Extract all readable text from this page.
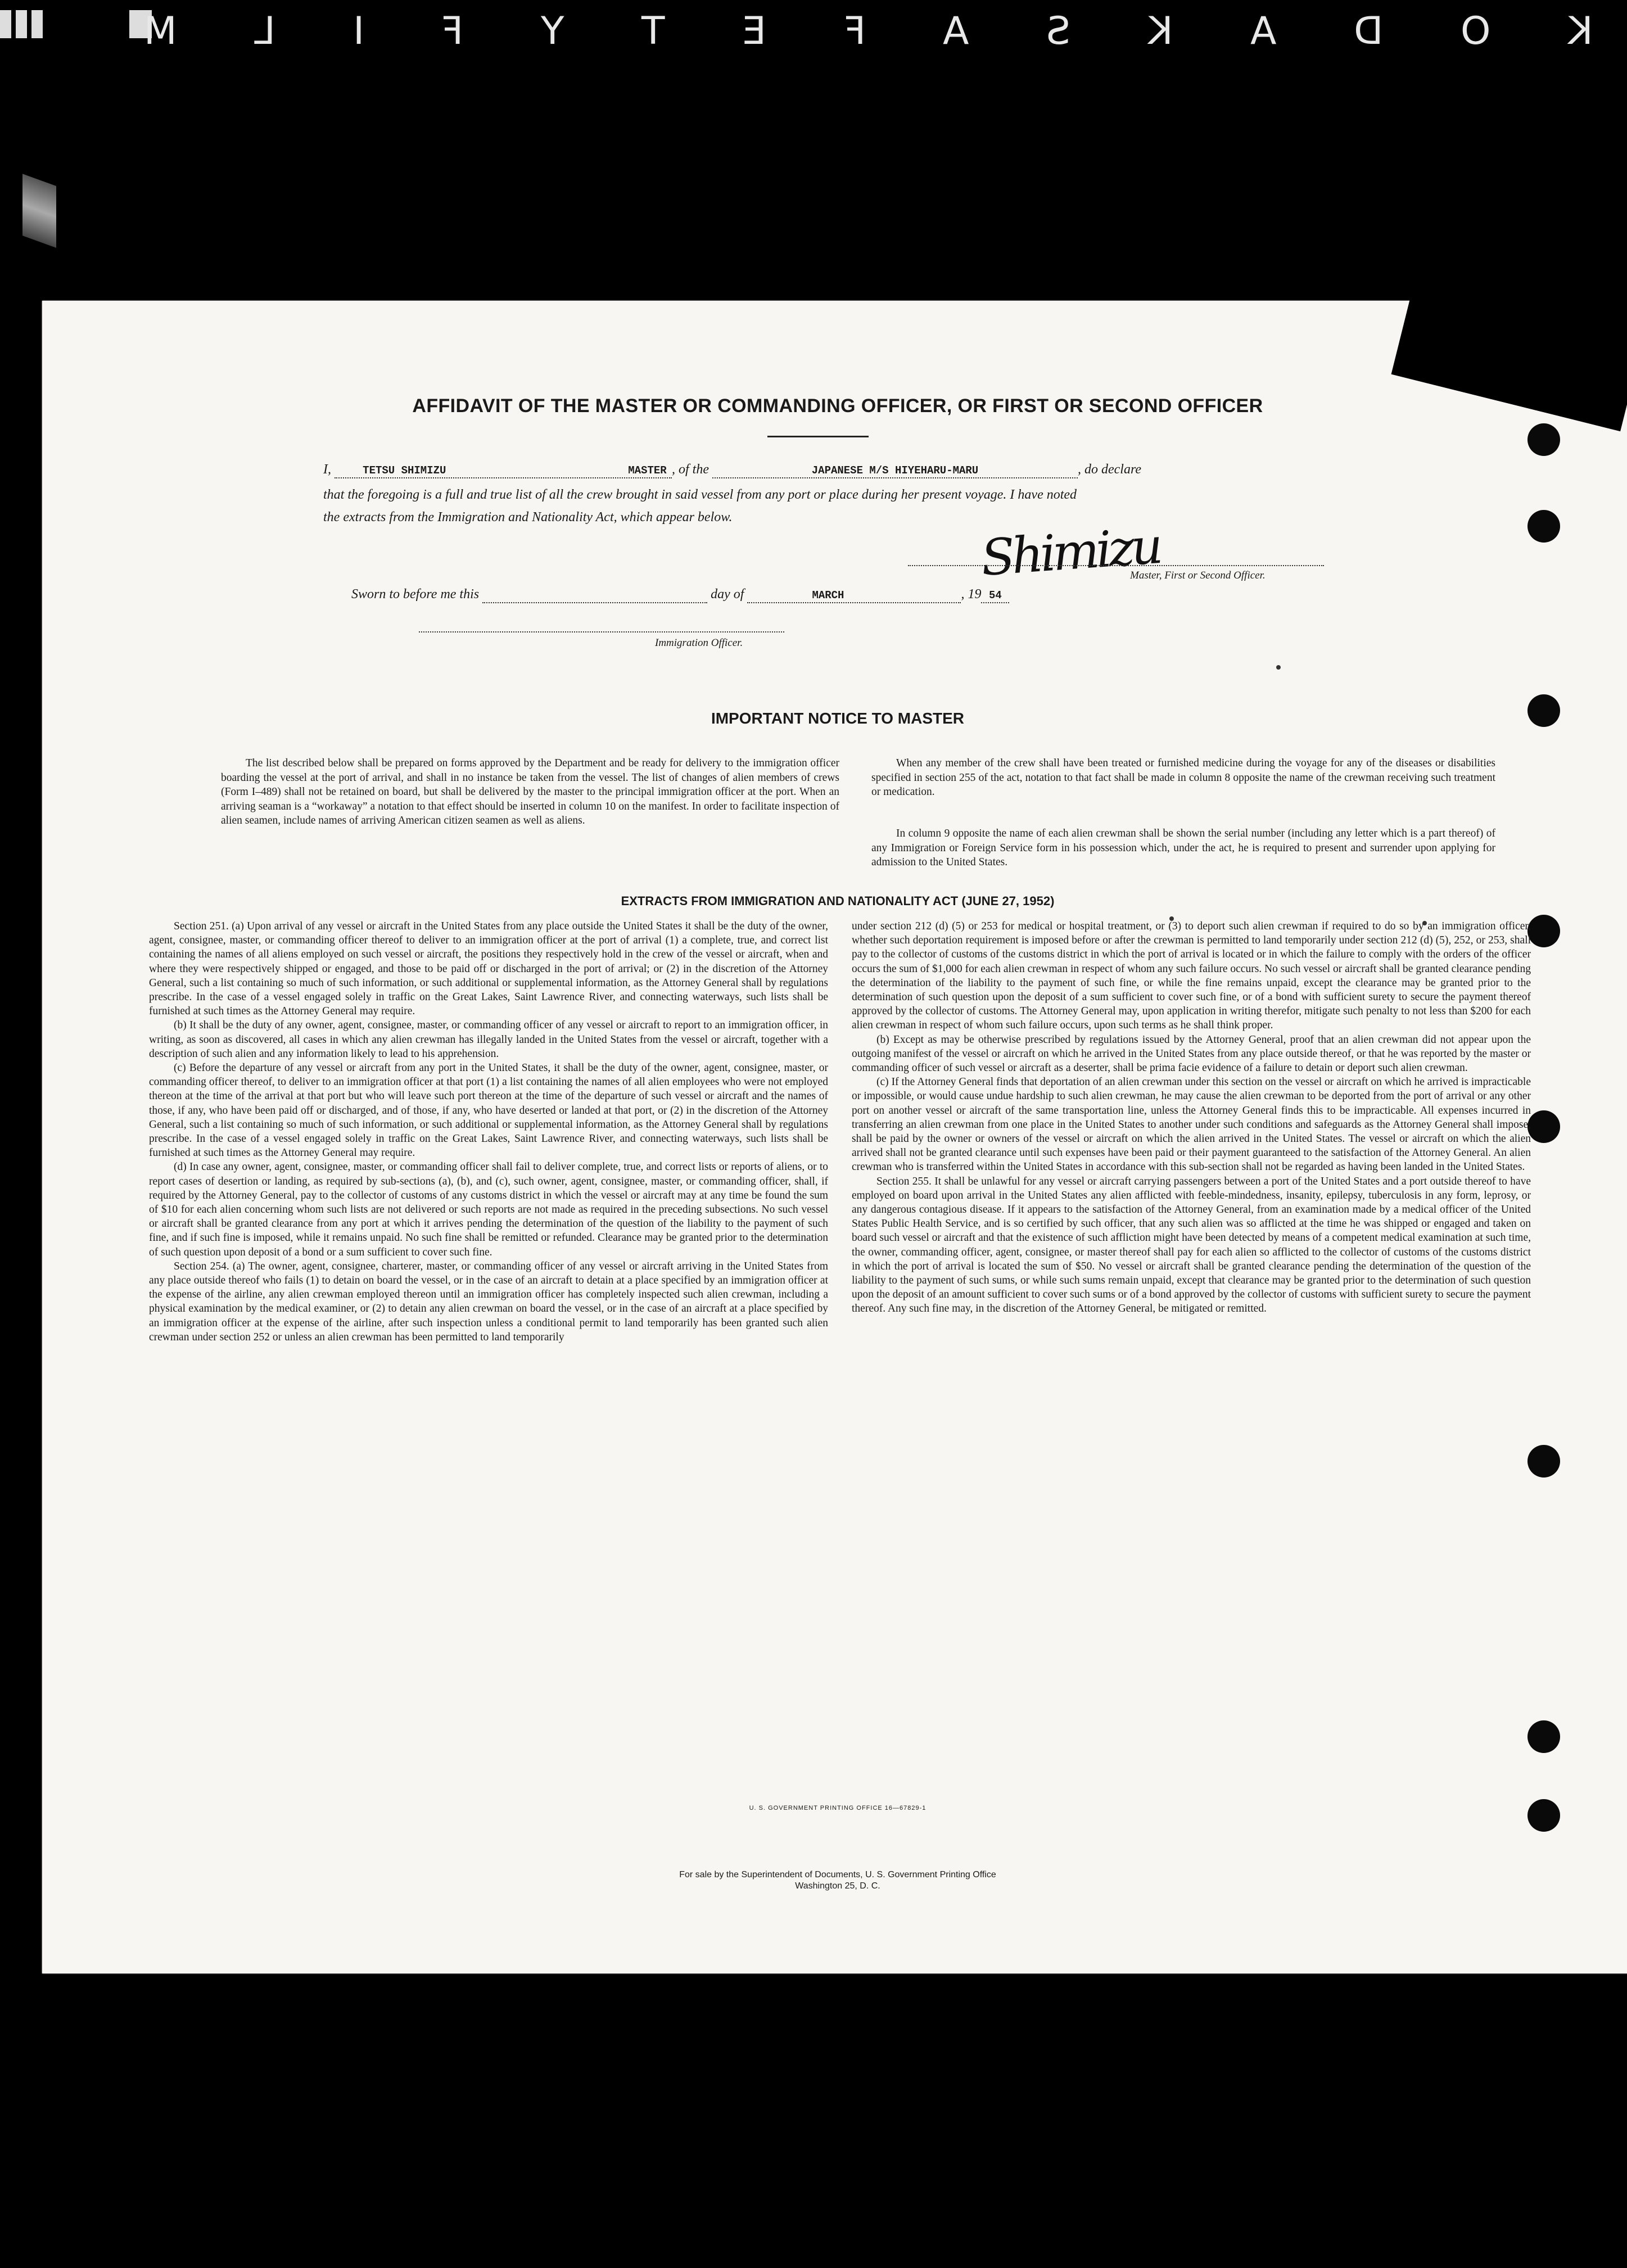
M L I F Y T E F A S K A D O K
AFFIDAVIT OF THE MASTER OR COMMANDING OFFICER, OR FIRST OR SECOND OFFICER
I,	TETSU SHIMIZU	MASTER , of the	JAPANESE M/S HIYEHARU-MARU	, do declare
that the foregoing is a full and true list of all the crew brought in said vessel from any port or place during her present voyage. I have noted
the extracts from the Immigration and Nationality Act, which appear below.	Shimizu
Master, First or Second Officer.
Sworn to before me this	day of	MARCH	, 19 54
Immigration Officer.
IMPORTANT NOTICE TO MASTER

The list described below shall be prepared on forms approved by the Department and be ready for delivery to the immigration officer boarding the vessel at the port of arrival, and shall in no instance be taken from the vessel. The list of changes of alien members of crews (Form I–489) shall not be retained on board, but shall be delivered by the master to the principal immigration officer at the port. When an arriving seaman is a “workaway” a notation to that effect should be inserted in column 10 on the manifest. In order to facilitate inspection of alien seamen, include names of arriving American citizen seamen as well as aliens.

When any member of the crew shall have been treated or furnished medicine during the voyage for any of the diseases or disabilities specified in section 255 of the act, notation to that fact shall be made in column 8 opposite the name of the crewman receiving such treatment or medication.

In column 9 opposite the name of each alien crewman shall be shown the serial number (including any letter which is a part thereof) of any Immigration or Foreign Service form in his possession which, under the act, he is required to present and surrender upon applying for admission to the United States.

EXTRACTS FROM IMMIGRATION AND NATIONALITY ACT (JUNE 27, 1952)

Section 251. (a) Upon arrival of any vessel or aircraft in the United States from any place outside the United States it shall be the duty of the owner, agent, consignee, master, or commanding officer thereof to deliver to an immigration officer at the port of arrival (1) a complete, true, and correct list containing the names of all aliens employed on such vessel or aircraft, the positions they respectively hold in the crew of the vessel or aircraft, when and where they were respectively shipped or engaged, and those to be paid off or discharged in the port of arrival; or (2) in the discretion of the Attorney General, such a list containing so much of such information, or such additional or supplemental information, as the Attorney General shall by regulations prescribe. In the case of a vessel engaged solely in traffic on the Great Lakes, Saint Lawrence River, and connecting waterways, such lists shall be furnished at such times as the Attorney General may require.

(b) It shall be the duty of any owner, agent, consignee, master, or commanding officer of any vessel or aircraft to report to an immigration officer, in writing, as soon as discovered, all cases in which any alien crewman has illegally landed in the United States from the vessel or aircraft, together with a description of such alien and any information likely to lead to his apprehension.

(c) Before the departure of any vessel or aircraft from any port in the United States, it shall be the duty of the owner, agent, consignee, master, or commanding officer thereof, to deliver to an immigration officer at that port (1) a list containing the names of all alien employees who were not employed thereon at the time of the arrival at that port but who will leave such port thereon at the time of the departure of such vessel or aircraft and the names of those, if any, who have been paid off or discharged, and of those, if any, who have deserted or landed at that port, or (2) in the discretion of the Attorney General, such a list containing so much of such information, or such additional or supplemental information, as the Attorney General shall by regulations prescribe. In the case of a vessel engaged solely in traffic on the Great Lakes, Saint Lawrence River, and connecting waterways, such lists shall be furnished at such times as the Attorney General may require.

(d) In case any owner, agent, consignee, master, or commanding officer shall fail to deliver complete, true, and correct lists or reports of aliens, or to report cases of desertion or landing, as required by sub-sections (a), (b), and (c), such owner, agent, consignee, master, or commanding officer, shall, if required by the Attorney General, pay to the collector of customs of any customs district in which the vessel or aircraft may at any time be found the sum of $10 for each alien concerning whom such lists are not delivered or such reports are not made as required in the preceding subsections. No such vessel or aircraft shall be granted clearance from any port at which it arrives pending the determination of the question of the liability to the payment of such fine, and if such fine is imposed, while it remains unpaid. No such fine shall be remitted or refunded. Clearance may be granted prior to the determination of such question upon deposit of a bond or a sum sufficient to cover such fine.

Section 254. (a) The owner, agent, consignee, charterer, master, or commanding officer of any vessel or aircraft arriving in the United States from any place outside thereof who fails (1) to detain on board the vessel, or in the case of an aircraft to detain at a place specified by an immigration officer at the expense of the airline, any alien crewman employed thereon until an immigration officer has completely inspected such alien crewman, including a physical examination by the medical examiner, or (2) to detain any alien crewman on board the vessel, or in the case of an aircraft at a place specified by an immigration officer at the expense of the airline, after such inspection unless a conditional permit to land temporarily has been granted such alien crewman under section 252 or unless an alien crewman has been permitted to land temporarily

under section 212 (d) (5) or 253 for medical or hospital treatment, or (3) to deport such alien crewman if required to do so by an immigration officer, whether such deportation requirement is imposed before or after the crewman is permitted to land temporarily under section 212 (d) (5), 252, or 253, shall pay to the collector of customs of the customs district in which the port of arrival is located or in which the failure to comply with the orders of the officer occurs the sum of $1,000 for each alien crewman in respect of whom any such failure occurs. No such vessel or aircraft shall be granted clearance pending the determination of the liability to the payment of such fine, or while the fine remains unpaid, except the clearance may be granted prior to the determination of such question upon the deposit of a sum sufficient to cover such fine, or of a bond with sufficient surety to secure the payment thereof approved by the collector of customs. The Attorney General may, upon application in writing therefor, mitigate such penalty to not less than $200 for each alien crewman in respect of whom such failure occurs, upon such terms as he shall think proper.

(b) Except as may be otherwise prescribed by regulations issued by the Attorney General, proof that an alien crewman did not appear upon the outgoing manifest of the vessel or aircraft on which he arrived in the United States from any place outside thereof, or that he was reported by the master or commanding officer of such vessel or aircraft as a deserter, shall be prima facie evidence of a failure to detain or deport such alien crewman.

(c) If the Attorney General finds that deportation of an alien crewman under this section on the vessel or aircraft on which he arrived is impracticable or impossible, or would cause undue hardship to such alien crewman, he may cause the alien crewman to be deported from the port of arrival or any other port on another vessel or aircraft of the same transportation line, unless the Attorney General finds this to be impracticable. All expenses incurred in transferring an alien crewman from one place in the United States to another under such conditions and safeguards as the Attorney General shall impose, shall be paid by the owner or owners of the vessel or aircraft on which the alien arrived in the United States. The vessel or aircraft on which the alien arrived shall not be granted clearance until such expenses have been paid or their payment guaranteed to the satisfaction of the Attorney General. An alien crewman who is transferred within the United States in accordance with this sub-section shall not be regarded as having been landed in the United States.

Section 255. It shall be unlawful for any vessel or aircraft carrying passengers between a port of the United States and a port outside thereof to have employed on board upon arrival in the United States any alien afflicted with feeble-mindedness, insanity, epilepsy, tuberculosis in any form, leprosy, or any dangerous contagious disease. If it appears to the satisfaction of the Attorney General, from an examination made by a medical officer of the United States Public Health Service, and is so certified by such officer, that any such alien was so afflicted at the time he was shipped or engaged and taken on board such vessel or aircraft and that the existence of such affliction might have been detected by means of a competent medical examination at such time, the owner, commanding officer, agent, consignee, or master thereof shall pay for each alien so afflicted to the collector of customs of the customs district in which the port of arrival is located the sum of $50. No vessel or aircraft shall be granted clearance pending the determination of the question of the liability to the payment of such sums, or while such sums remain unpaid, except that clearance may be granted prior to the determination of such question upon the deposit of an amount sufficient to cover such sums or of a bond approved by the collector of customs with sufficient surety to secure the payment thereof. Any such fine may, in the discretion of the Attorney General, be mitigated or remitted.

U. S. GOVERNMENT PRINTING OFFICE 16—67829-1
For sale by the Superintendent of Documents, U. S. Government Printing Office
Washington 25, D. C.
